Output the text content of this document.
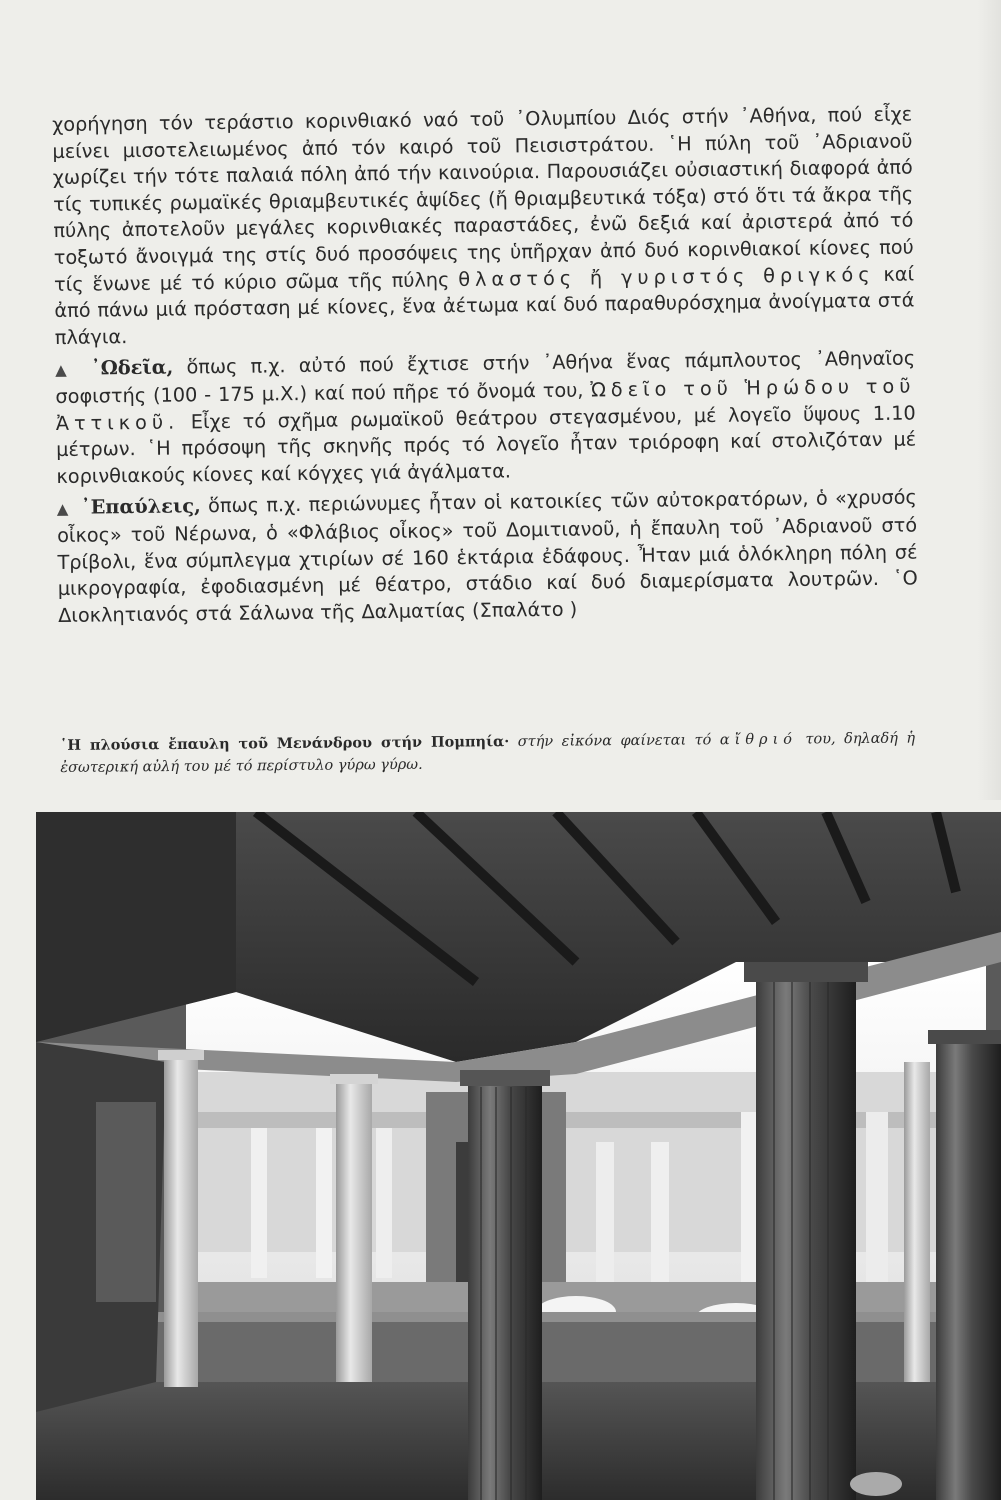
χορήγηση τόν τεράστιο κορινθιακό ναό τοῦ ᾿Ολυμπίου Διός στήν ᾿Αθήνα, πού εἶχε μείνει μισοτελειωμένος ἀπό τόν καιρό τοῦ Πεισιστράτου. ῾Η πύλη τοῦ ᾿Αδριανοῦ χωρίζει τήν τότε παλαιά πόλη ἀπό τήν καινούρια. Παρουσιάζει οὐσιαστική διαφορά ἀπό τίς τυπικές ρωμαϊκές θριαμβευτικές ἁψίδες (ἤ θριαμβευτικά τόξα) στό ὅτι τά ἄκρα τῆς πύλης ἀποτελοῦν μεγάλες κορινθιακές παραστάδες, ἐνῶ δεξιά καί ἀριστερά ἀπό τό τοξωτό ἄνοιγμά της στίς δυό προσόψεις της ὑπῆρχαν ἀπό δυό κορινθιακοί κίονες πού τίς ἕνωνε μέ τό κύριο σῶμα τῆς πύλης θλαστός ἤ γυριστός θριγκός καί ἀπό πάνω μιά πρόσταση μέ κίονες, ἕνα ἀέτωμα καί δυό παραθυρόσχημα ἀνοίγματα στά πλάγια.

▲ ᾿Ωδεῖα, ὅπως π.χ. αὐτό πού ἔχτισε στήν ᾿Αθήνα ἕνας πάμπλουτος ᾿Αθηναῖος σοφιστής (100 - 175 μ.Χ.) καί πού πῆρε τό ὄνομά του, Ὠδεῖο τοῦ Ἡρώδου τοῦ Ἀττικοῦ. Εἶχε τό σχῆμα ρωμαϊκοῦ θεάτρου στεγασμένου, μέ λογεῖο ὕψους 1.10 μέτρων. ῾Η πρόσοψη τῆς σκηνῆς πρός τό λογεῖο ἦταν τριόροφη καί στολιζόταν μέ κορινθιακούς κίονες καί κόγχες γιά ἀγάλματα.

▲ ᾿Επαύλεις, ὅπως π.χ. περιώνυμες ἦταν οἱ κατοικίες τῶν αὐτοκρατόρων, ὁ «χρυσός οἶκος» τοῦ Νέρωνα, ὁ «Φλάβιος οἶκος» τοῦ Δομιτιανοῦ, ἡ ἔπαυλη τοῦ ᾿Αδριανοῦ στό Τρίβολι, ἕνα σύμπλεγμα χτιρίων σέ 160 ἑκτάρια ἐδάφους. Ἦταν μιά ὁλόκληρη πόλη σέ μικρογραφία, ἐφοδιασμένη μέ θέατρο, στάδιο καί δυό διαμερίσματα λουτρῶν. ῾Ο Διοκλητιανός στά Σάλωνα τῆς Δαλματίας (Σπαλάτο )

῾Η πλούσια ἔπαυλη τοῦ Μενάνδρου στήν Πομπηία· στήν εἰκόνα φαίνεται τό αἴθριό του, δηλαδή ἡ ἐσωτερική αὐλή του μέ τό περίστυλο γύρω γύρω.
